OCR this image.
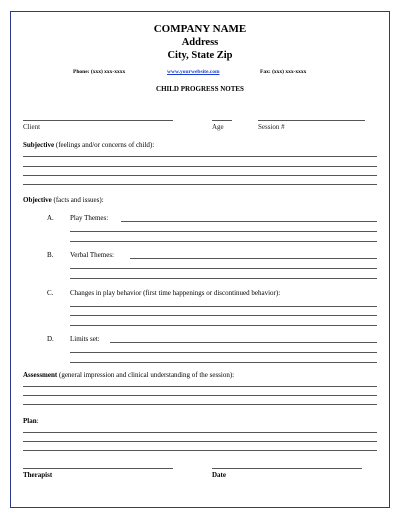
COMPANY NAME
Address
City, State Zip
Phone: (xxx) xxx-xxxx	www.yourwebsite.com	Fax: (xxx) xxx-xxxx
CHILD PROGRESS NOTES
Client	Age	Session #
Subjective (feelings and/or concerns of child):
Objective (facts and issues):
A. Play Themes:
B. Verbal Themes:
C. Changes in play behavior (first time happenings or discontinued behavior):
D. Limits set:
Assessment (general impression and clinical understanding of the session):
Plan:
Therapist	Date
